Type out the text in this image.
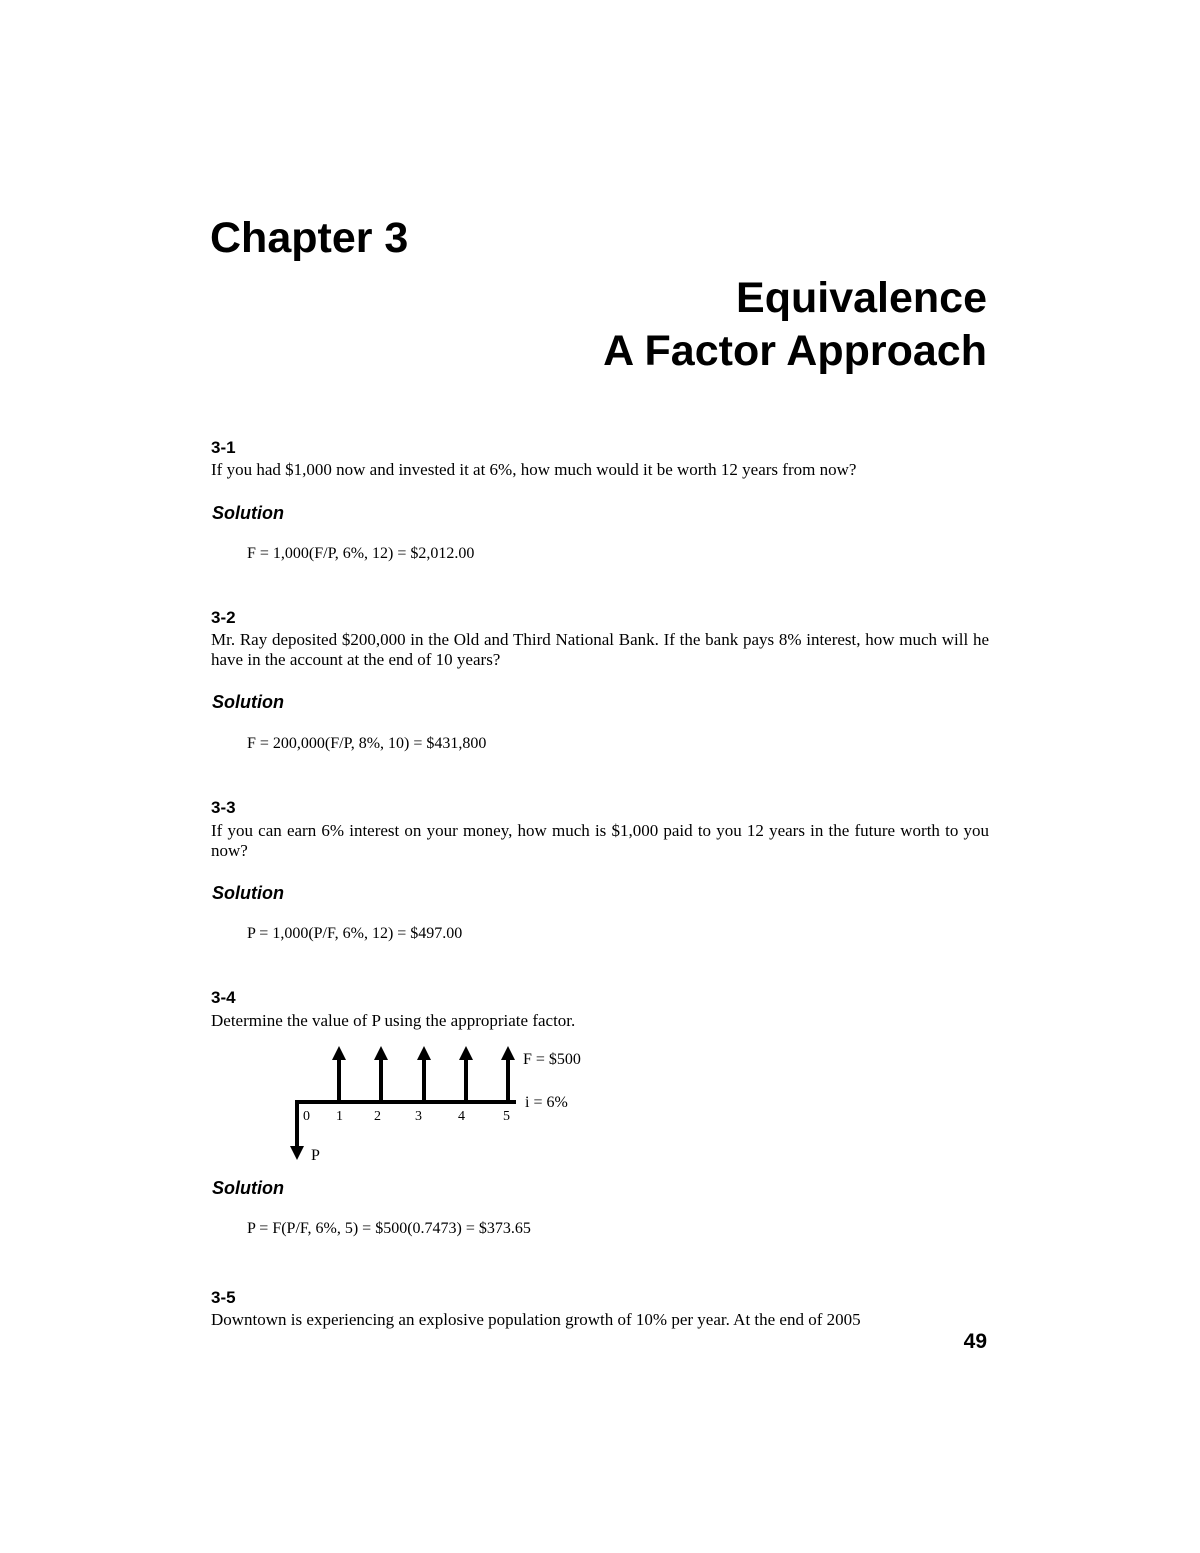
Chapter 3
Equivalence
A Factor Approach
3-1
If you had $1,000 now and invested it at 6%, how much would it be worth 12 years from now?
Solution
F = 1,000(F/P, 6%, 12) = $2,012.00
3-2
Mr. Ray deposited $200,000 in the Old and Third National Bank. If the bank pays 8% interest, how much will he have in the account at the end of 10 years?
Solution
F = 200,000(F/P, 8%, 10) = $431,800
3-3
If you can earn 6% interest on your money, how much is $1,000 paid to you 12 years in the future worth to you now?
Solution
P = 1,000(P/F, 6%, 12) = $497.00
3-4
Determine the value of P using the appropriate factor.
0 1 2 3	4	5
F = $500
i = 6%
P
Solution
P = F(P/F, 6%, 5) = $500(0.7473) = $373.65
3-5
Downtown is experiencing an explosive population growth of 10% per year. At the end of 2005
49
